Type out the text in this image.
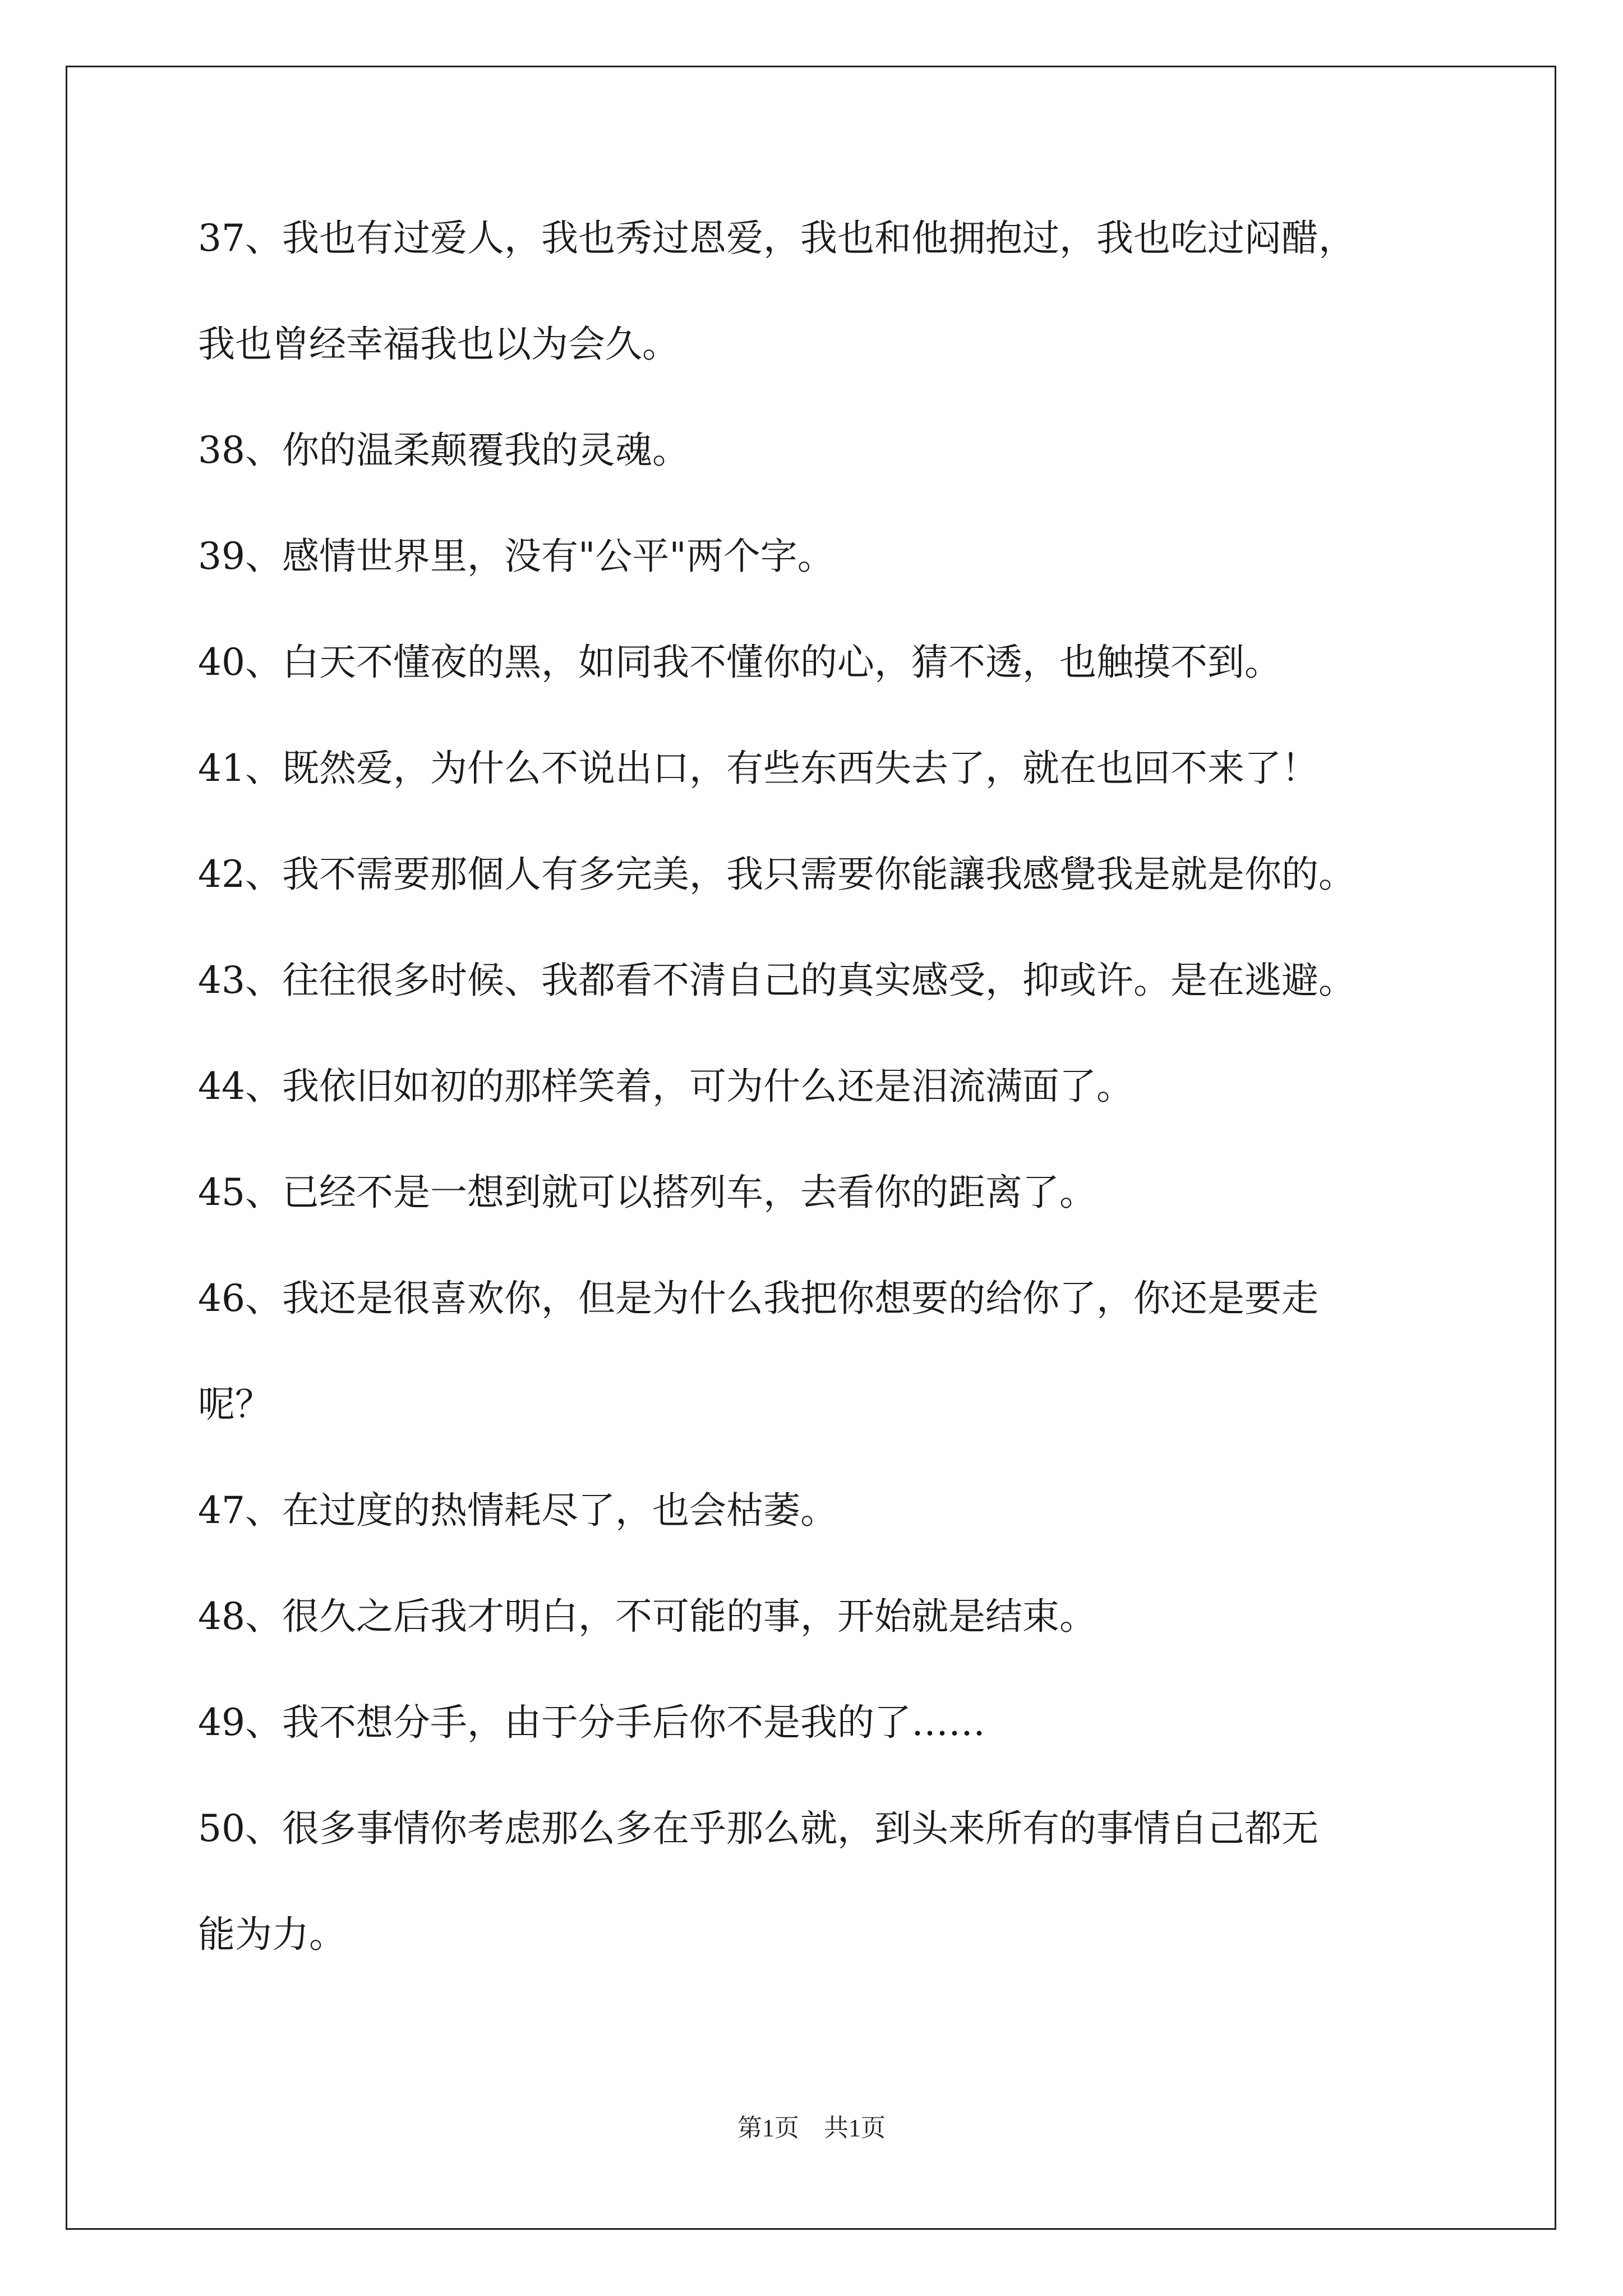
37、我也有过爱人，我也秀过恩爱，我也和他拥抱过，我也吃过闷醋，
我也曾经幸福我也以为会久。
38、你的温柔颠覆我的灵魂。
39、感情世界里，没有"公平"两个字。
40、白天不懂夜的黑，如同我不懂你的心，猜不透，也触摸不到。
41、既然爱，为什么不说出口，有些东西失去了，就在也回不来了！
42、我不需要那個人有多完美，我只需要你能讓我感覺我是就是你的。
43、往往很多时候、我都看不清自己的真实感受，抑或许。是在逃避。
44、我依旧如初的那样笑着，可为什么还是泪流满面了。
45、已经不是一想到就可以搭列车，去看你的距离了。
46、我还是很喜欢你，但是为什么我把你想要的给你了，你还是要走
呢？
47、在过度的热情耗尽了，也会枯萎。
48、很久之后我才明白，不可能的事，开始就是结束。
49、我不想分手，由于分手后你不是我的了……
50、很多事情你考虑那么多在乎那么就，到头来所有的事情自己都无
能为力。
第1页　共1页
